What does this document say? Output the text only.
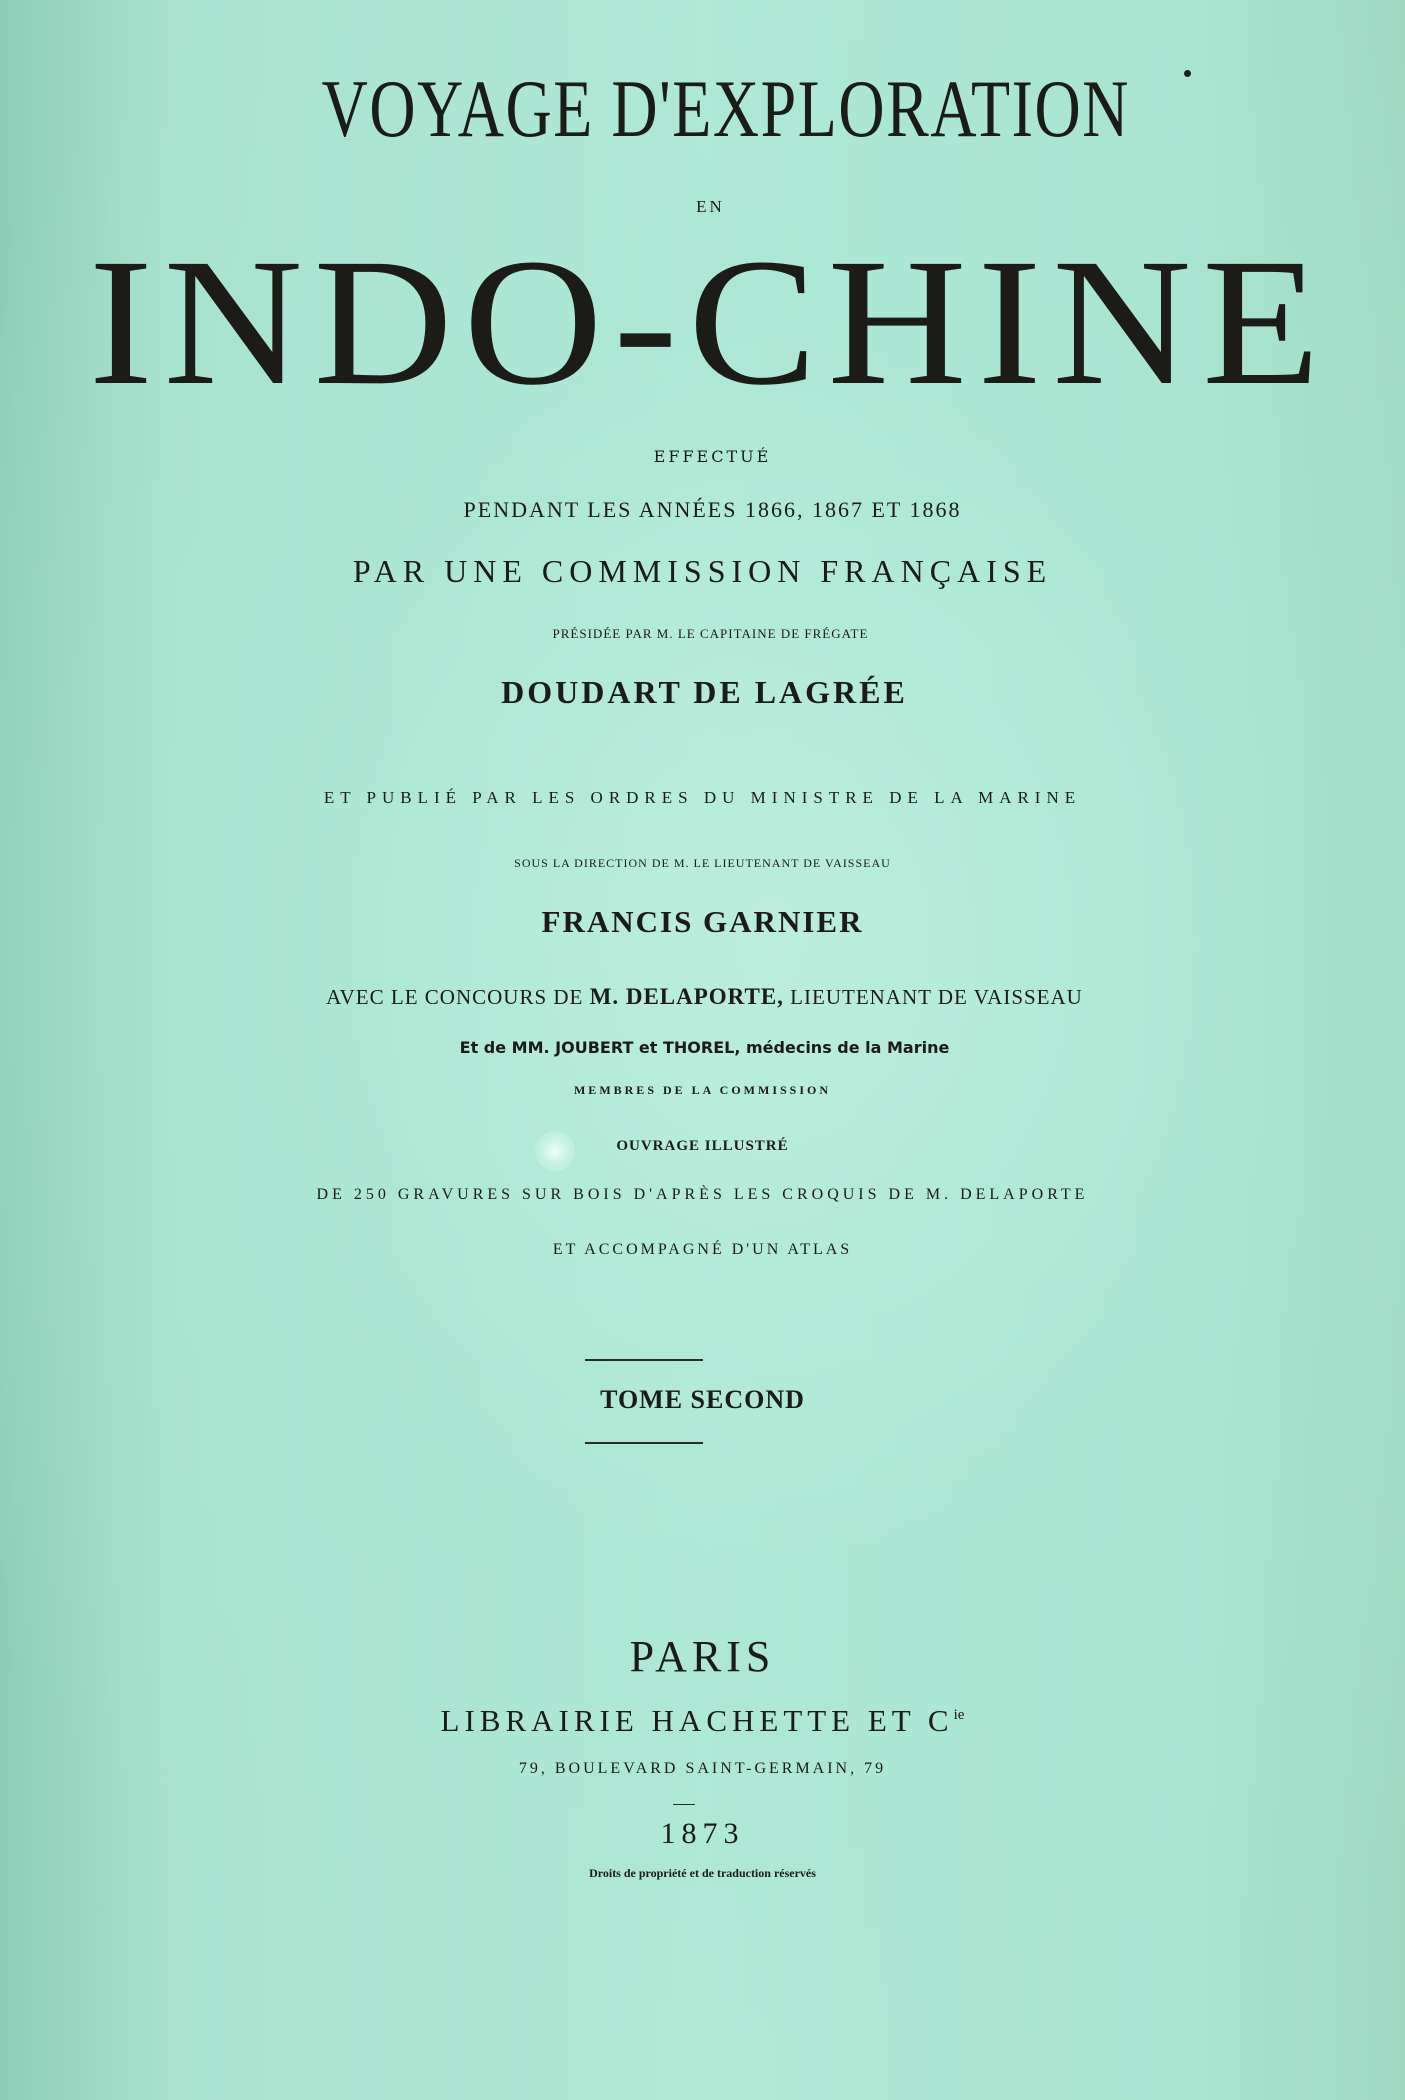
VOYAGE D'EXPLORATION
EN
INDO-CHINE
EFFECTUÉ
PENDANT LES ANNÉES 1866, 1867 ET 1868
PAR UNE COMMISSION FRANÇAISE
PRÉSIDÉE PAR M. LE CAPITAINE DE FRÉGATE
DOUDART DE LAGRÉE
ET PUBLIÉ PAR LES ORDRES DU MINISTRE DE LA MARINE
SOUS LA DIRECTION DE M. LE LIEUTENANT DE VAISSEAU
FRANCIS GARNIER
AVEC LE CONCOURS DE M. DELAPORTE, LIEUTENANT DE VAISSEAU
Et de MM. JOUBERT et THOREL, médecins de la Marine
MEMBRES DE LA COMMISSION
OUVRAGE ILLUSTRÉ
DE 250 GRAVURES SUR BOIS D'APRÈS LES CROQUIS DE M. DELAPORTE
ET ACCOMPAGNÉ D'UN ATLAS
TOME SECOND
PARIS
LIBRAIRIE HACHETTE ET $C^{ie}$
79, BOULEVARD SAINT-GERMAIN, 79
1873
Droits de propriété et de traduction réservés
